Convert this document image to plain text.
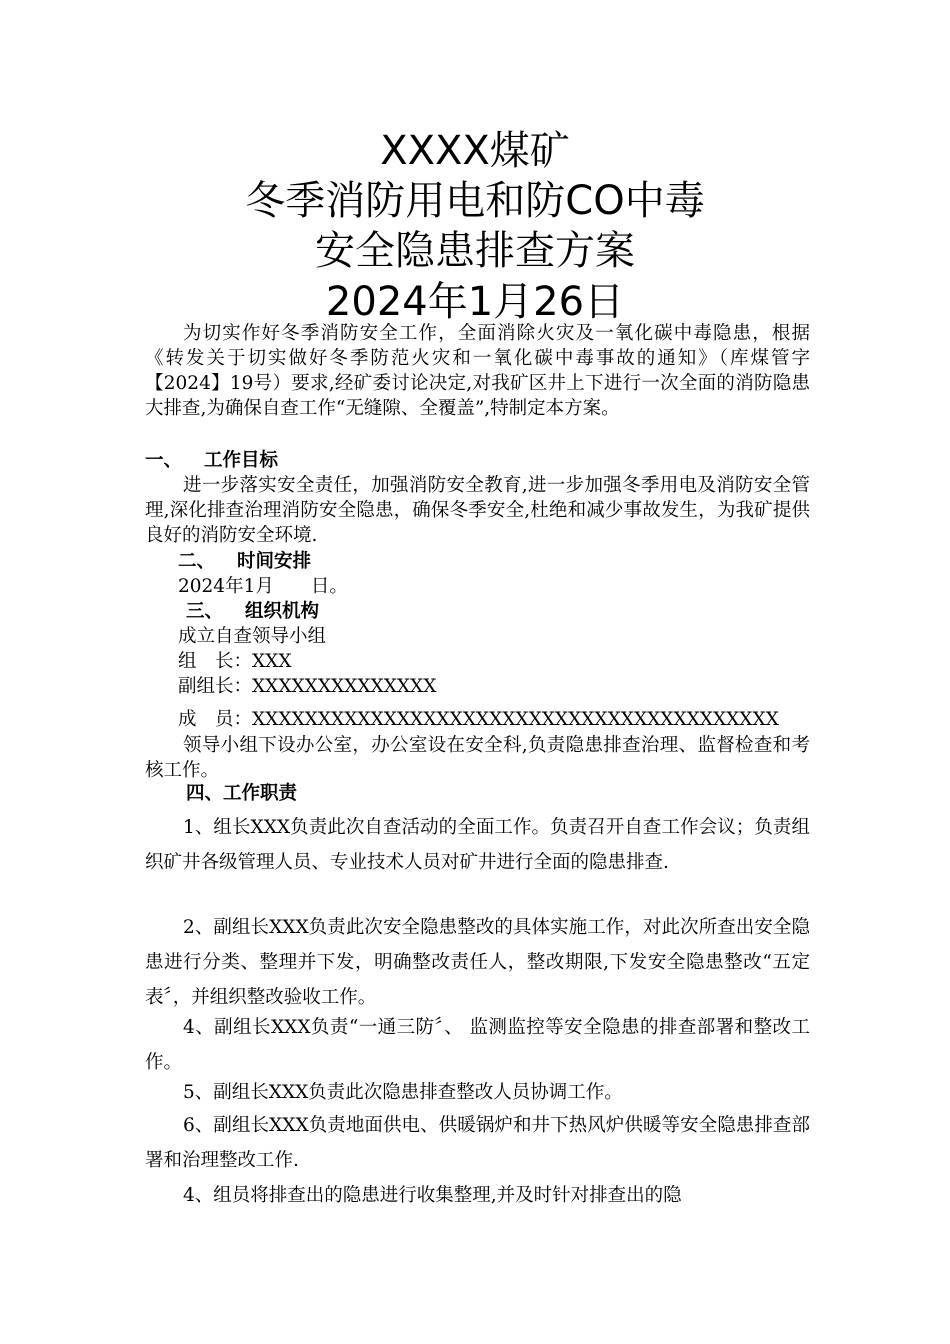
XXXX煤矿
冬季消防用电和防CO中毒
安全隐患排查方案
2024年1月26日
为切实作好冬季消防安全工作，全面消除火灾及一氧化碳中毒隐患，根据《转发关于切实做好冬季防范火灾和一氧化碳中毒事故的通知》（库煤管字 【2024】19号）要求,经矿委讨论决定,对我矿区井上下进行一次全面的消防隐患大排查,为确保自查工作“无缝隙、全覆盖”,特制定本方案。
一、 工作目标
进一步落实安全责任，加强消防安全教育,进一步加强冬季用电及消防安全管理,深化排查治理消防安全隐患，确保冬季安全,杜绝和减少事故发生，为我矿提供良好的消防安全环境.
二、 时间安排
2024年1月　　日。
三、 组织机构
成立自查领导小组
组　长：XXX
副组长：XXXXXXXXXXXXXX
成　员：XXXXXXXXXXXXXXXXXXXXXXXXXXXXXXXXXXXXXXXX
领导小组下设办公室，办公室设在安全科,负责隐患排查治理、监督检查和考核工作。
四、工作职责
1、组长XXX负责此次自查活动的全面工作。负责召开自查工作会议；负责组织矿井各级管理人员、专业技术人员对矿井进行全面的隐患排查.
2、副组长XXX负责此次安全隐患整改的具体实施工作，对此次所查出安全隐患进行分类、整理并下发，明确整改责任人，整改期限,下发安全隐患整改“五定表〞，并组织整改验收工作。
4、副组长XXX负责“一通三防〞、 监测监控等安全隐患的排查部署和整改工作。
5、副组长XXX负责此次隐患排查整改人员协调工作。
6、副组长XXX负责地面供电、供暖锅炉和井下热风炉供暖等安全隐患排查部署和治理整改工作.
4、组员将排查出的隐患进行收集整理,并及时针对排查出的隐
